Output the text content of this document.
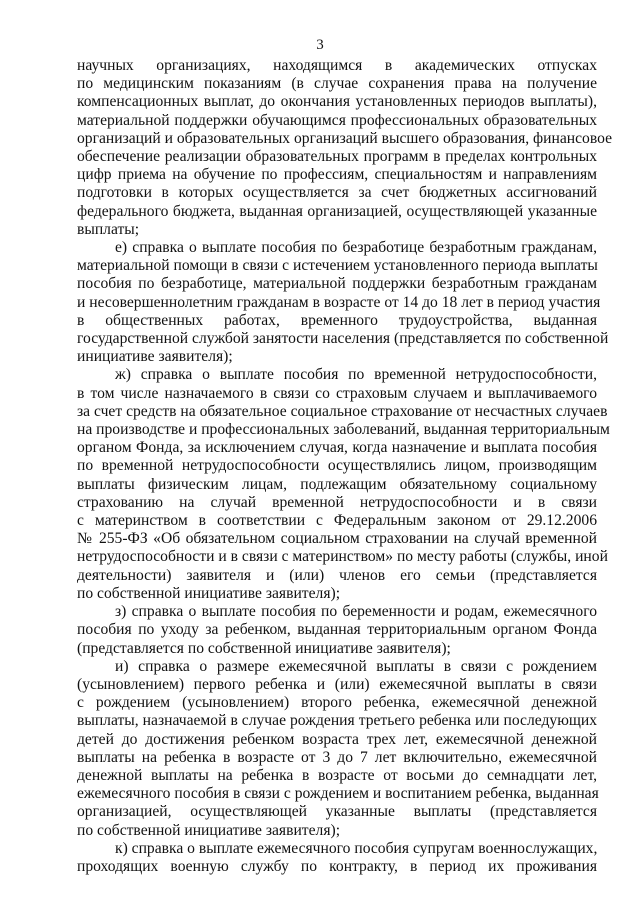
3
научных организациях, находящимся в академических отпусках
по медицинским показаниям (в случае сохранения права на получение
компенсационных выплат, до окончания установленных периодов выплаты),
материальной поддержки обучающимся профессиональных образовательных
организаций и образовательных организаций высшего образования, финансовое
обеспечение реализации образовательных программ в пределах контрольных
цифр приема на обучение по профессиям, специальностям и направлениям
подготовки в которых осуществляется за счет бюджетных ассигнований
федерального бюджета, выданная организацией, осуществляющей указанные
выплаты;
е) справка о выплате пособия по безработице безработным гражданам,
материальной помощи в связи с истечением установленного периода выплаты
пособия по безработице, материальной поддержки безработным гражданам
и несовершеннолетним гражданам в возрасте от 14 до 18 лет в период участия
в общественных работах, временного трудоустройства, выданная
государственной службой занятости населения (представляется по собственной
инициативе заявителя);
ж) справка о выплате пособия по временной нетрудоспособности,
в том числе назначаемого в связи со страховым случаем и выплачиваемого
за счет средств на обязательное социальное страхование от несчастных случаев
на производстве и профессиональных заболеваний, выданная территориальным
органом Фонда, за исключением случая, когда назначение и выплата пособия
по временной нетрудоспособности осуществлялись лицом, производящим
выплаты физическим лицам, подлежащим обязательному социальному
страхованию на случай временной нетрудоспособности и в связи
с материнством в соответствии с Федеральным законом от 29.12.2006
№ 255-ФЗ «Об обязательном социальном страховании на случай временной
нетрудоспособности и в связи с материнством» по месту работы (службы, иной
деятельности) заявителя и (или) членов его семьи (представляется
по собственной инициативе заявителя);
з) справка о выплате пособия по беременности и родам, ежемесячного
пособия по уходу за ребенком, выданная территориальным органом Фонда
(представляется по собственной инициативе заявителя);
и) справка о размере ежемесячной выплаты в связи с рождением
(усыновлением) первого ребенка и (или) ежемесячной выплаты в связи
с рождением (усыновлением) второго ребенка, ежемесячной денежной
выплаты, назначаемой в случае рождения третьего ребенка или последующих
детей до достижения ребенком возраста трех лет, ежемесячной денежной
выплаты на ребенка в возрасте от 3 до 7 лет включительно, ежемесячной
денежной выплаты на ребенка в возрасте от восьми до семнадцати лет,
ежемесячного пособия в связи с рождением и воспитанием ребенка, выданная
организацией, осуществляющей указанные выплаты (представляется
по собственной инициативе заявителя);
к) справка о выплате ежемесячного пособия супругам военнослужащих,
проходящих военную службу по контракту, в период их проживания
